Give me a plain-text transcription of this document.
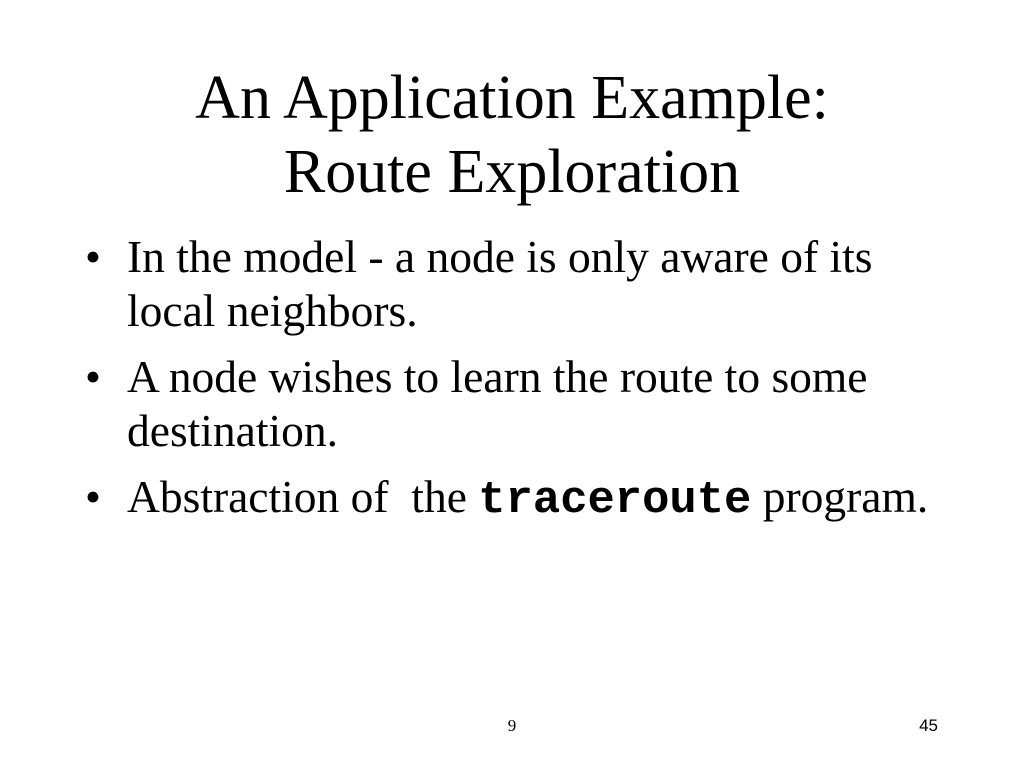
An Application Example:
Route Exploration
• In the model - a node is only aware of its local neighbors.
• A node wishes to learn the route to some destination.
• Abstraction of  the traceroute program.
9	45
